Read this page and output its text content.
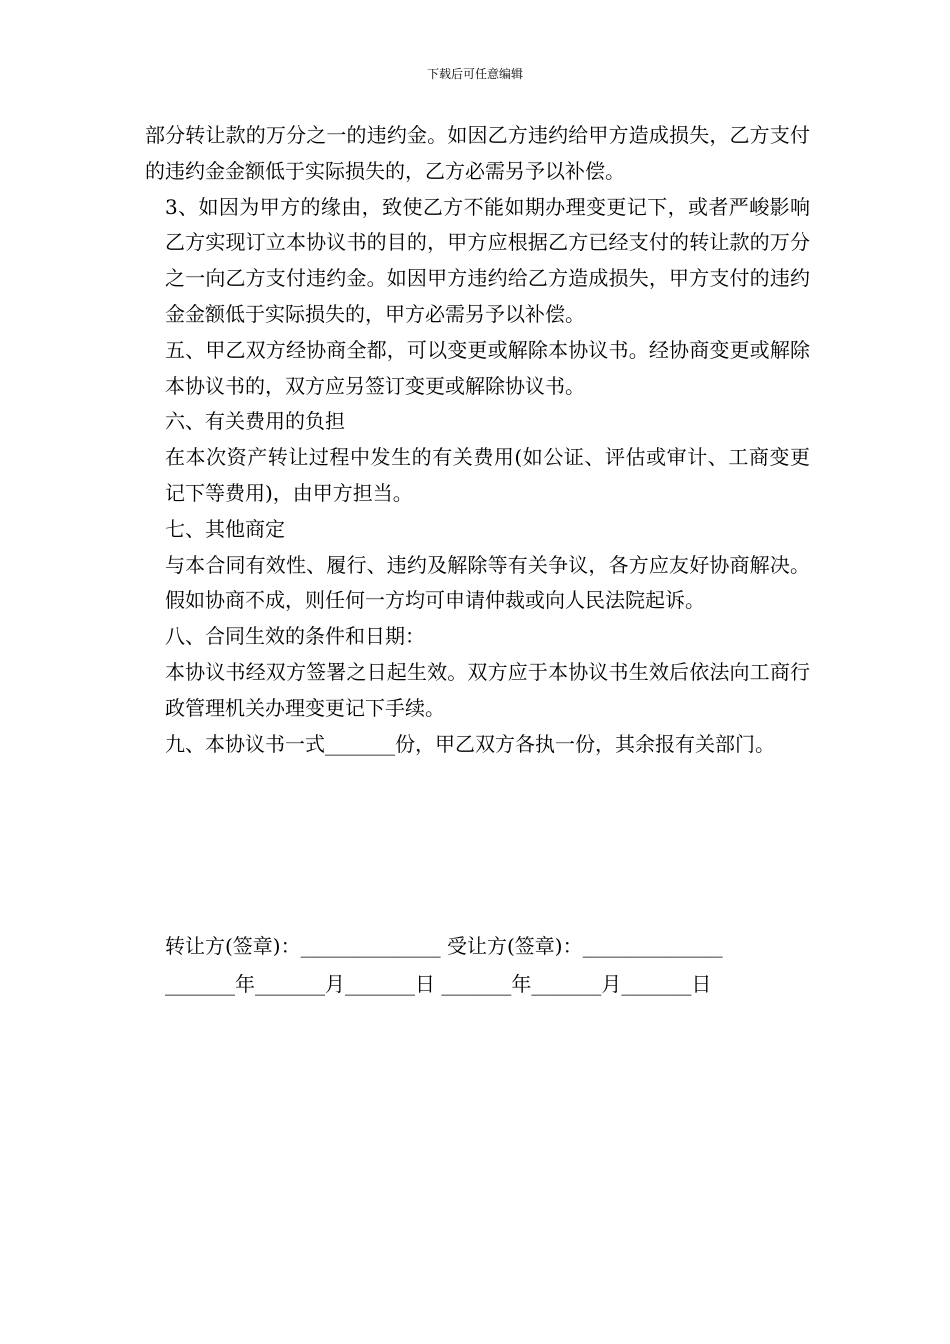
下载后可任意编辑

部分转让款的万分之一的违约金。如因乙方违约给甲方造成损失，乙方支付的违约金金额低于实际损失的，乙方必需另予以补偿。

3、如因为甲方的缘由，致使乙方不能如期办理变更记下，或者严峻影响乙方实现订立本协议书的目的，甲方应根据乙方已经支付的转让款的万分之一向乙方支付违约金。如因甲方违约给乙方造成损失，甲方支付的违约金金额低于实际损失的，甲方必需另予以补偿。

五、甲乙双方经协商全都，可以变更或解除本协议书。经协商变更或解除本协议书的，双方应另签订变更或解除协议书。

六、有关费用的负担

在本次资产转让过程中发生的有关费用(如公证、评估或审计、工商变更记下等费用)，由甲方担当。

七、其他商定

与本合同有效性、履行、违约及解除等有关争议，各方应友好协商解决。假如协商不成，则任何一方均可申请仲裁或向人民法院起诉。

八、合同生效的条件和日期：

本协议书经双方签署之日起生效。双方应于本协议书生效后依法向工商行政管理机关办理变更记下手续。

九、本协议书一式_______份，甲乙双方各执一份，其余报有关部门。

转让方(签章)：______________ 受让方(签章)：______________
_______年_______月_______日 _______年_______月_______日
